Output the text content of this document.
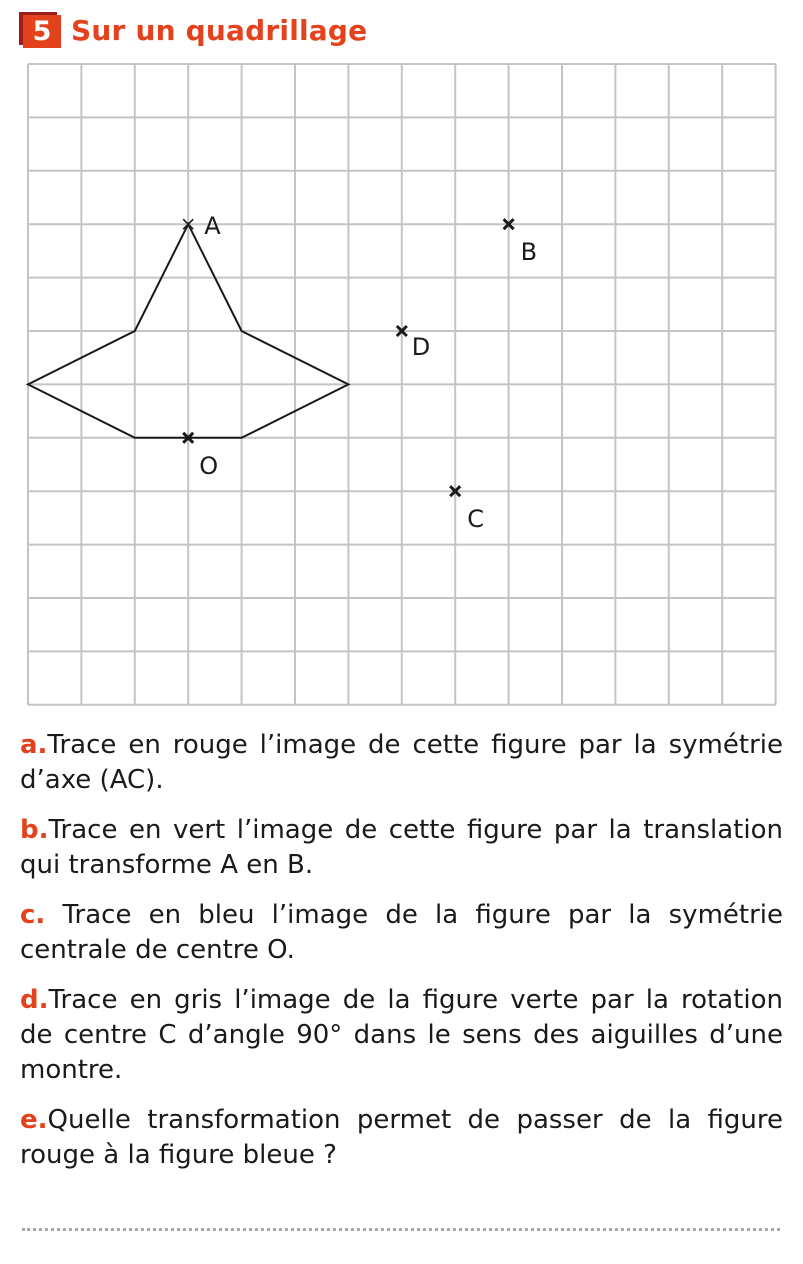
5 Sur un quadrillage
A
B
D
O
C

a.Trace en rouge l’image de cette figure par la symétrie d’axe (AC).

b.Trace en vert l’image de cette figure par la translation qui transforme A en B.

c. Trace en bleu l’image de la figure par la symétrie centrale de centre O.

d.Trace en gris l’image de la figure verte par la rotation de centre C d’angle 90° dans le sens des aiguilles d’une montre.

e.Quelle transformation permet de passer de la figure rouge à la figure bleue ?
